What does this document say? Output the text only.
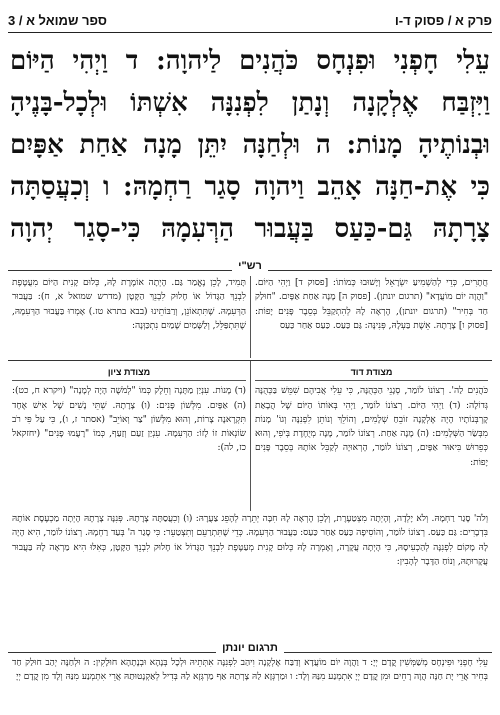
ספר שמואל א / 3	פרק א / פסוק ד-ו
עֵלִי חָפְנִי וּפִנְחָס כֹּהֲנִים לַיהוָה: ד וַיְהִי הַיּוֹם
וַיִּזְבַּח אֶלְקָנָה וְנָתַן לִפְנִנָּה אִשְׁתּוֹ וּלְכָל-בָּנֶיהָ
וּבְנוֹתֶיהָ מָנוֹת: ה וּלְחַנָּה יִתֵּן מָנָה אַחַת אַפָּיִם
כִּי אֶת-חַנָּה אָהֵב וַיהוָה סָגַר רַחְמָהּ: ו וְכִעֲסַתָּה
צָרָתָהּ גַּם-כַּעַס בַּעֲבוּר הַרְּעִמָהּ כִּי-סָגַר יְהוָה
רש"י

חֲתָרִים, כְּדֵי לְהַשְׁמִיעַ יִשְׂרָאֵל וְיָשׁוּבוּ כְּמוֹתוֹ: [פסוק ד] וַיְהִי הַיּוֹם. "וַהֲוָה יוֹם מוֹעֲדָא" (תרגום יונתן). [פסוק ה] מָנָה אַחַת אַפָּיִם. "חוּלַק חַד בְּחִיר" (תרגום יונתן), הֶרְאָה לָהּ לְהִתְקַבֵּל בְּסֵבֶר פָּנִים יָפוֹת: [פסוק ו] צָרָתָהּ. אֵשֶׁת בַּעְלָהּ, פְּנִינָּה: גַּם כַּעַס. כַּעַס אַחַר כַּעַס

תָּמִיד, לָכֵן נֶאֱמַר גַּם. הָיְתָה אוֹמֶרֶת לָהּ, כְּלוּם קָנִית הַיּוֹם מִעֲטֶפֶת לִבְנֵךְ הַגָּדוֹל אוֹ חָלוּק לִבְנֵךְ הַקָּטָן (מדרש שמואל א, ח): בַּעֲבוּר הַרְּעִמָהּ. שֶׁתִּתְאוֹנֵן, וְרַבּוֹתֵינוּ (בבא בתרא טז.) אָמְרוּ בַּעֲבוּר הַרְּעִמָהּ, שֶׁתִּתְפַּלֵּל, וְלַשָּׁמַיִם שָׁמַיִם נִתְכַּוְּנָה:

מצודת דוד

כֹּהֲנִים לַה'. רְצוֹנוֹ לוֹמַר, סְגָנֵי הַכְּהֻנָּה, כִּי עֵלִי אֲבִיהֶם שִׁמֵּשׁ בַּכְּהֻנָּה גְּדוֹלָה: (ד) וַיְהִי הַיּוֹם. רְצוֹנוֹ לוֹמַר, וַיְהִי בְּאוֹתוֹ הַיּוֹם שֶׁל הֲבָאַת קָרְבְּנוֹתָיו הָיָה אֶלְקָנָה זוֹבֵחַ שְׁלָמִים, וְהוֹלֵךְ וְנוֹתֵן לִפְנִנָּה וְגוֹ' מָנוֹת מִבְּשַׂר הַשְּׁלָמִים: (ה) מָנָה אַחַת. רְצוֹנוֹ לוֹמַר, מָנָה מְיֻחֶדֶת בְּיֹפִי, וְהוּא כְּפֵרוּשׁ בִּיאוּר אַפָּיִם, רְצוֹנוֹ לוֹמַר, הָרְאוּיָה לְקַבֵּל אוֹתָהּ בְּסֵבֶר פָּנִים יָפוֹת:

מצודת ציון

(ד) מָנוֹת. עִנְיַן מַתָּנָה וְחֵלֶק כְּמוֹ "לְמֹשֶׁה הָיָה לְמָנָה" (ויקרא ח, כט): (ה) אַפָּיִם. מִלְּשׁוֹן פָּנִים: (ו) צָרָתָהּ. שְׁתֵּי נָשִׁים שֶׁל אִישׁ אֶחָד תִּקְרֶאנָה צָרוֹת, וְהוּא מִלְּשׁוֹן "צַר וְאוֹיֵב" (אסתר ז, ו), כִּי עַל פִּי רֹב שׂוֹנְאוֹת זוֹ לָזוֹ: הַרְּעִמָהּ. עִנְיַן זַעַם וְזַעַף, כְּמוֹ "רָעֲמוּ פָנִים" (יחזקאל כז, לה):

וְלֹה' סָגַר רַחְמָהּ. וְלֹא יָלְדָה, וְהָיְתָה מִצְטַעֶרֶת, וְלָכֵן הֶרְאָה לָהּ חִבָּה יְתֵרָה לְהָפֵג צַעֲרָהּ: (ו) וְכִעֲסַתָּה צָרָתָהּ. פְּנִנָּה צָרָתָהּ הָיְתָה מַכְעֶסֶת אוֹתָהּ בִּדְבָרִים: גַּם כַּעַס. רְצוֹנוֹ לוֹמַר, וְהוֹסִיפָה כַּעַס אַחַר כַּעַס: בַּעֲבוּר הַרְּעִמָהּ. כְּדֵי שֶׁתִּתְרַעֵם וְתִצְטַעֵר: כִּי סָגַר ה' בְּעַד רַחְמָהּ. רְצוֹנוֹ לוֹמַר, הִיא הָיָה לָהּ מָקוֹם לִפְנִנָּה לְהַכְעִיסָהּ, כִּי הָיְתָה עֲקָרָה, וְאָמְרָה לָהּ כְּלוּם קָנִית מְעַטֶּפֶת לִבְנֵךְ הַגָּדוֹל אוֹ חָלוּק לִבְנֵךְ הַקָּטָן, כְּאִלּוּ הִיא מַרְאָה לָהּ בַּעֲבוּר עֲקָרוּתָהּ, וְנוֹחַ הַדָּבָר לְהָבִין:

תרגום יונתן

עֵלִי חָפְנִי וּפִינְחָס מְשַׁמְּשִׁין קֳדָם יְיָ: ד וַהֲוָה יוֹם מוֹעֲדָא וְדַבַּח אֶלְקָנָה וִיהַב לִפְנִנָּה אִתְּתֵיהּ וּלְכָל בְּנָהָא וּבְנָתָהָא חוּלָקִין: ה וּלְחַנָּה יְהַב חוּלַק חַד בְּחִיר אֲרֵי יָת חַנָּה הֲוָה רָחֵים וּמִן קֳדָם יְיָ אִתְמְנַע מִנַּהּ וְלָד: ו וּמַרְגְּזָא לַהּ צָרְתַהּ אַף מַרְגְּזָא לַהּ בְּדִיל לְאַקְנָטוּתַהּ אֲרֵי אִתְמְנַע מִנַּהּ וְלָד מִן קֳדָם יְיָ
